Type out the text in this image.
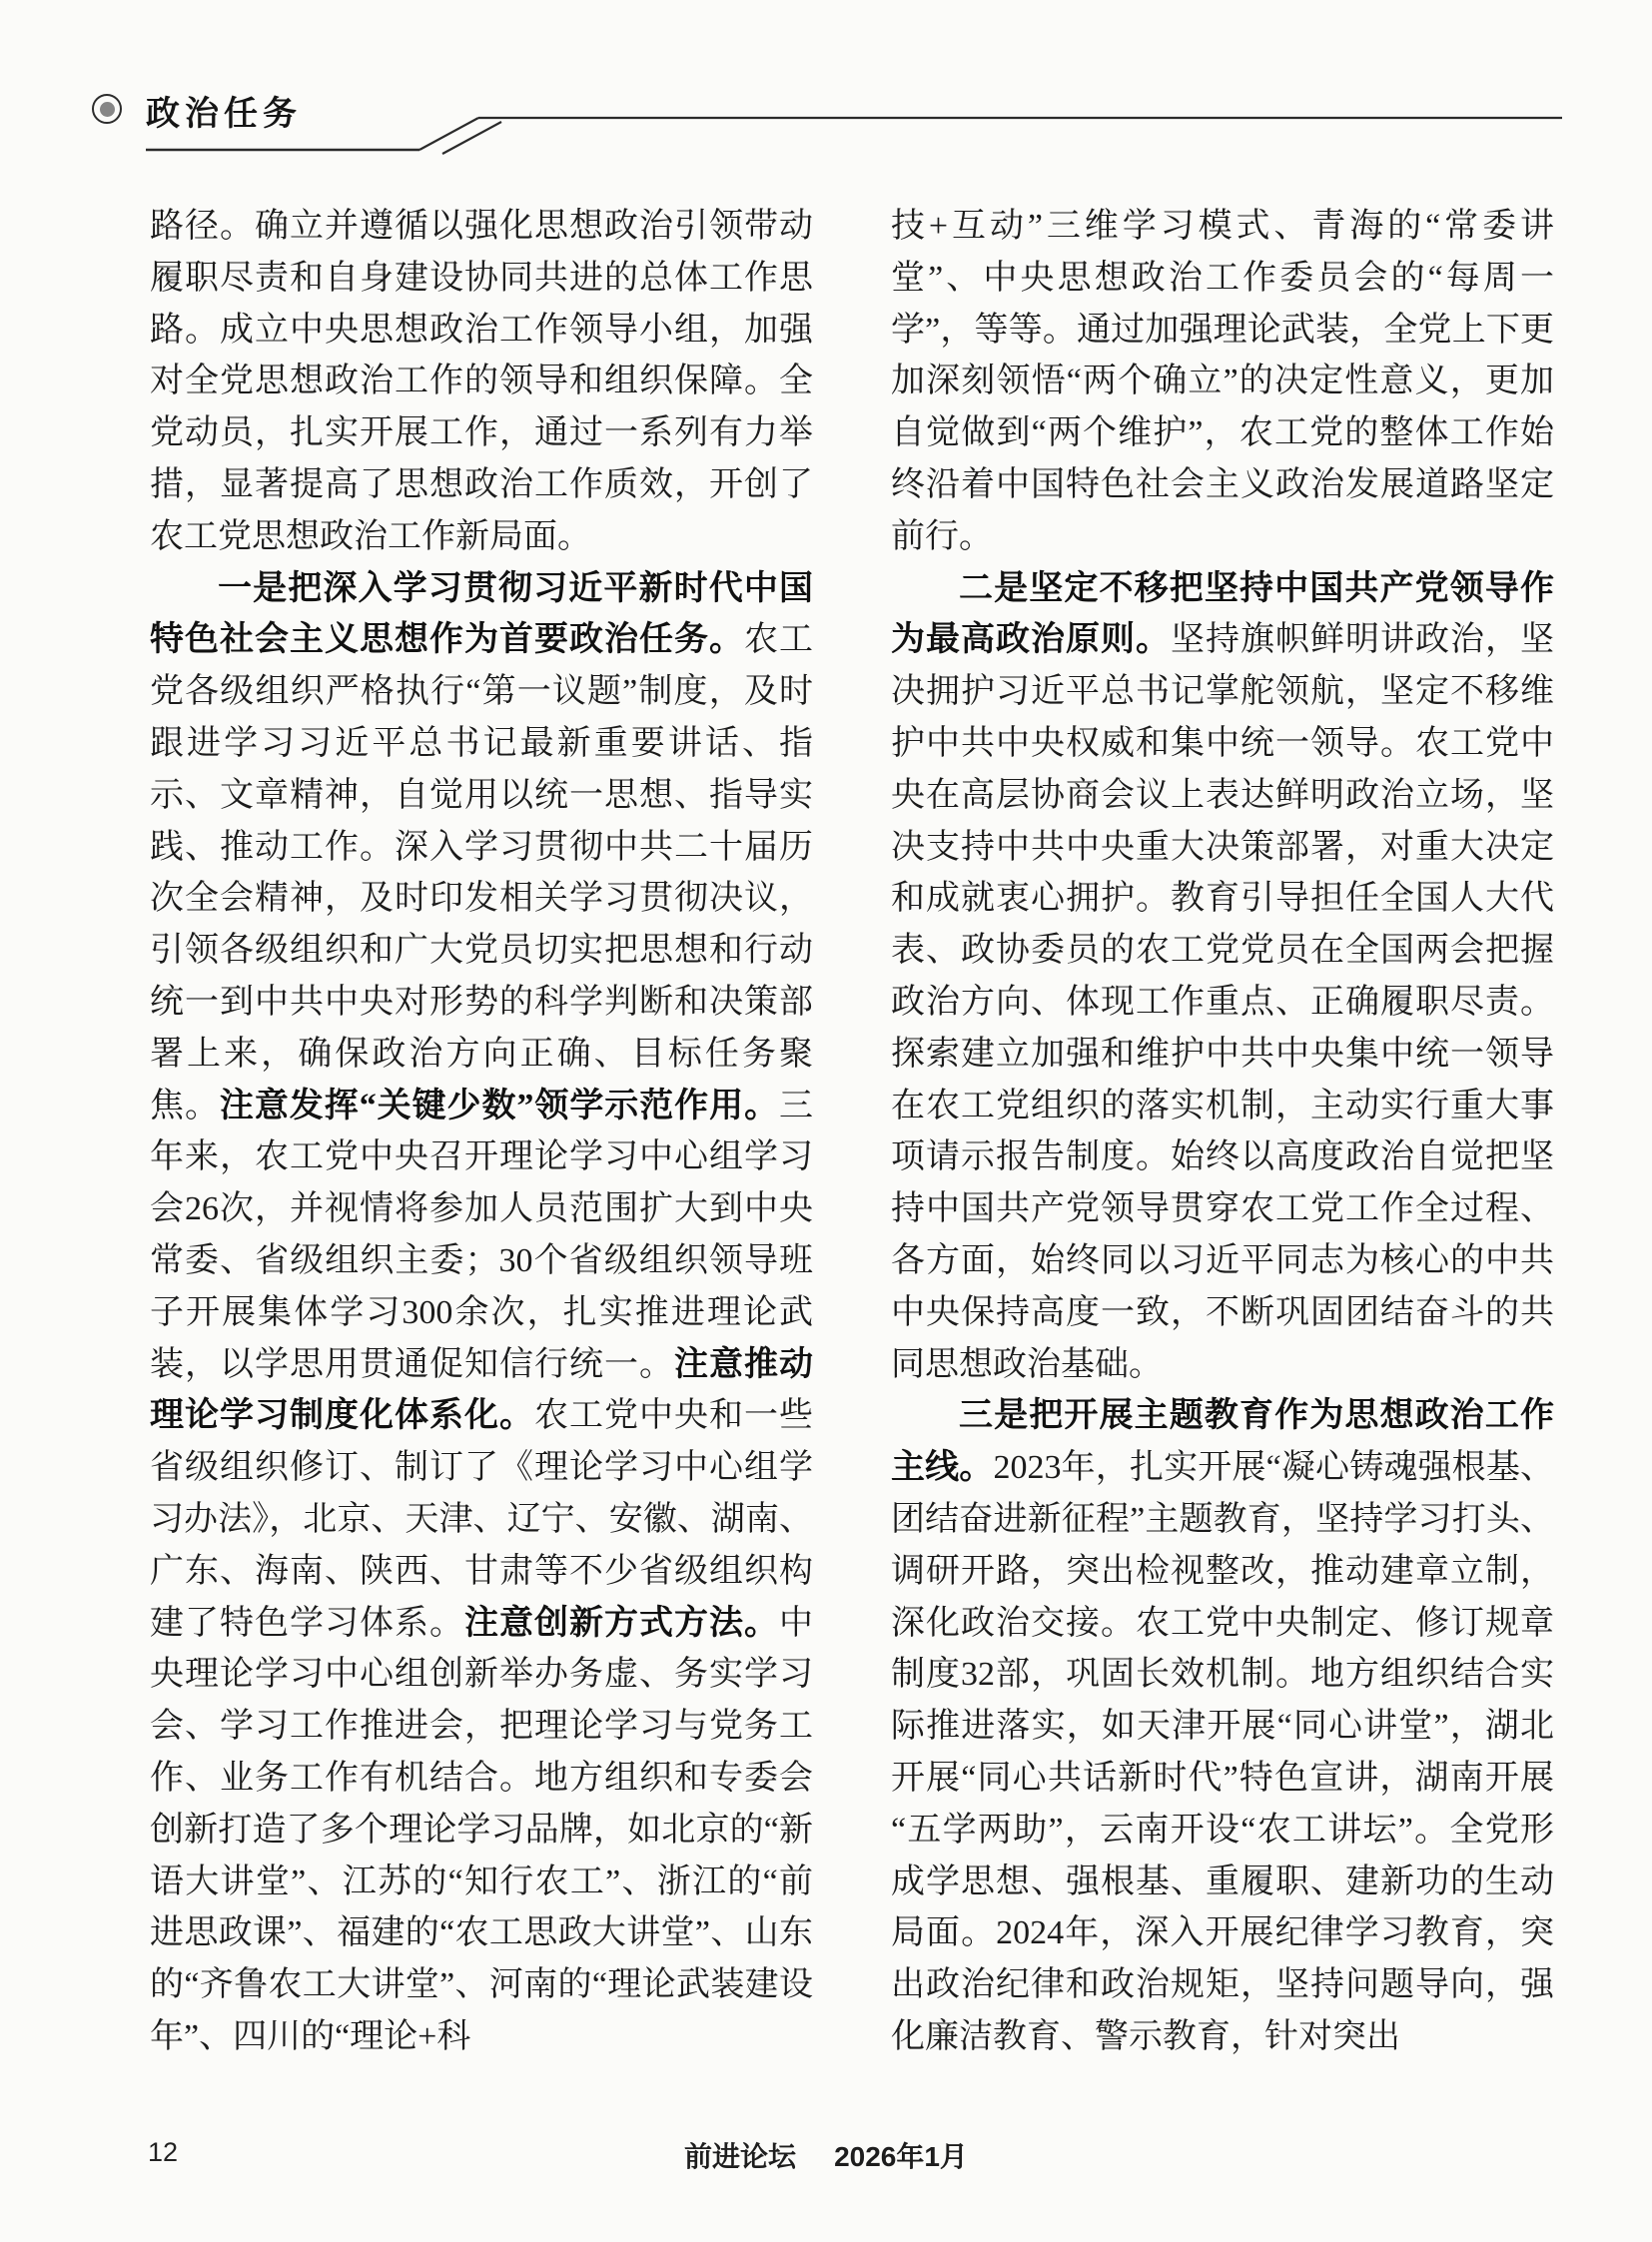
政治任务

路径。确立并遵循以强化思想政治引领带动履职尽责和自身建设协同共进的总体工作思路。成立中央思想政治工作领导小组，加强对全党思想政治工作的领导和组织保障。全党动员，扎实开展工作，通过一系列有力举措，显著提高了思想政治工作质效，开创了农工党思想政治工作新局面。

一是把深入学习贯彻习近平新时代中国特色社会主义思想作为首要政治任务。农工党各级组织严格执行“第一议题”制度，及时跟进学习习近平总书记最新重要讲话、指示、文章精神，自觉用以统一思想、指导实践、推动工作。深入学习贯彻中共二十届历次全会精神，及时印发相关学习贯彻决议，引领各级组织和广大党员切实把思想和行动统一到中共中央对形势的科学判断和决策部署上来，确保政治方向正确、目标任务聚焦。注意发挥“关键少数”领学示范作用。三年来，农工党中央召开理论学习中心组学习会26次，并视情将参加人员范围扩大到中央常委、省级组织主委；30个省级组织领导班子开展集体学习300余次，扎实推进理论武装，以学思用贯通促知信行统一。注意推动理论学习制度化体系化。农工党中央和一些省级组织修订、制订了《理论学习中心组学习办法》，北京、天津、辽宁、安徽、湖南、广东、海南、陕西、甘肃等不少省级组织构建了特色学习体系。注意创新方式方法。中央理论学习中心组创新举办务虚、务实学习会、学习工作推进会，把理论学习与党务工作、业务工作有机结合。地方组织和专委会创新打造了多个理论学习品牌，如北京的“新语大讲堂”、江苏的“知行农工”、浙江的“前进思政课”、福建的“农工思政大讲堂”、山东的“齐鲁农工大讲堂”、河南的“理论武装建设年”、四川的“理论+科

技+互动”三维学习模式、青海的“常委讲堂”、中央思想政治工作委员会的“每周一学”，等等。通过加强理论武装，全党上下更加深刻领悟“两个确立”的决定性意义，更加自觉做到“两个维护”，农工党的整体工作始终沿着中国特色社会主义政治发展道路坚定前行。

二是坚定不移把坚持中国共产党领导作为最高政治原则。坚持旗帜鲜明讲政治，坚决拥护习近平总书记掌舵领航，坚定不移维护中共中央权威和集中统一领导。农工党中央在高层协商会议上表达鲜明政治立场，坚决支持中共中央重大决策部署，对重大决定和成就衷心拥护。教育引导担任全国人大代表、政协委员的农工党党员在全国两会把握政治方向、体现工作重点、正确履职尽责。探索建立加强和维护中共中央集中统一领导在农工党组织的落实机制，主动实行重大事项请示报告制度。始终以高度政治自觉把坚持中国共产党领导贯穿农工党工作全过程、各方面，始终同以习近平同志为核心的中共中央保持高度一致，不断巩固团结奋斗的共同思想政治基础。

三是把开展主题教育作为思想政治工作主线。2023年，扎实开展“凝心铸魂强根基、团结奋进新征程”主题教育，坚持学习打头、调研开路，突出检视整改，推动建章立制，深化政治交接。农工党中央制定、修订规章制度32部，巩固长效机制。地方组织结合实际推进落实，如天津开展“同心讲堂”，湖北开展“同心共话新时代”特色宣讲，湖南开展“五学两助”，云南开设“农工讲坛”。全党形成学思想、强根基、重履职、建新功的生动局面。2024年，深入开展纪律学习教育，突出政治纪律和政治规矩，坚持问题导向，强化廉洁教育、警示教育，针对突出

12	前进论坛 2026年1月
